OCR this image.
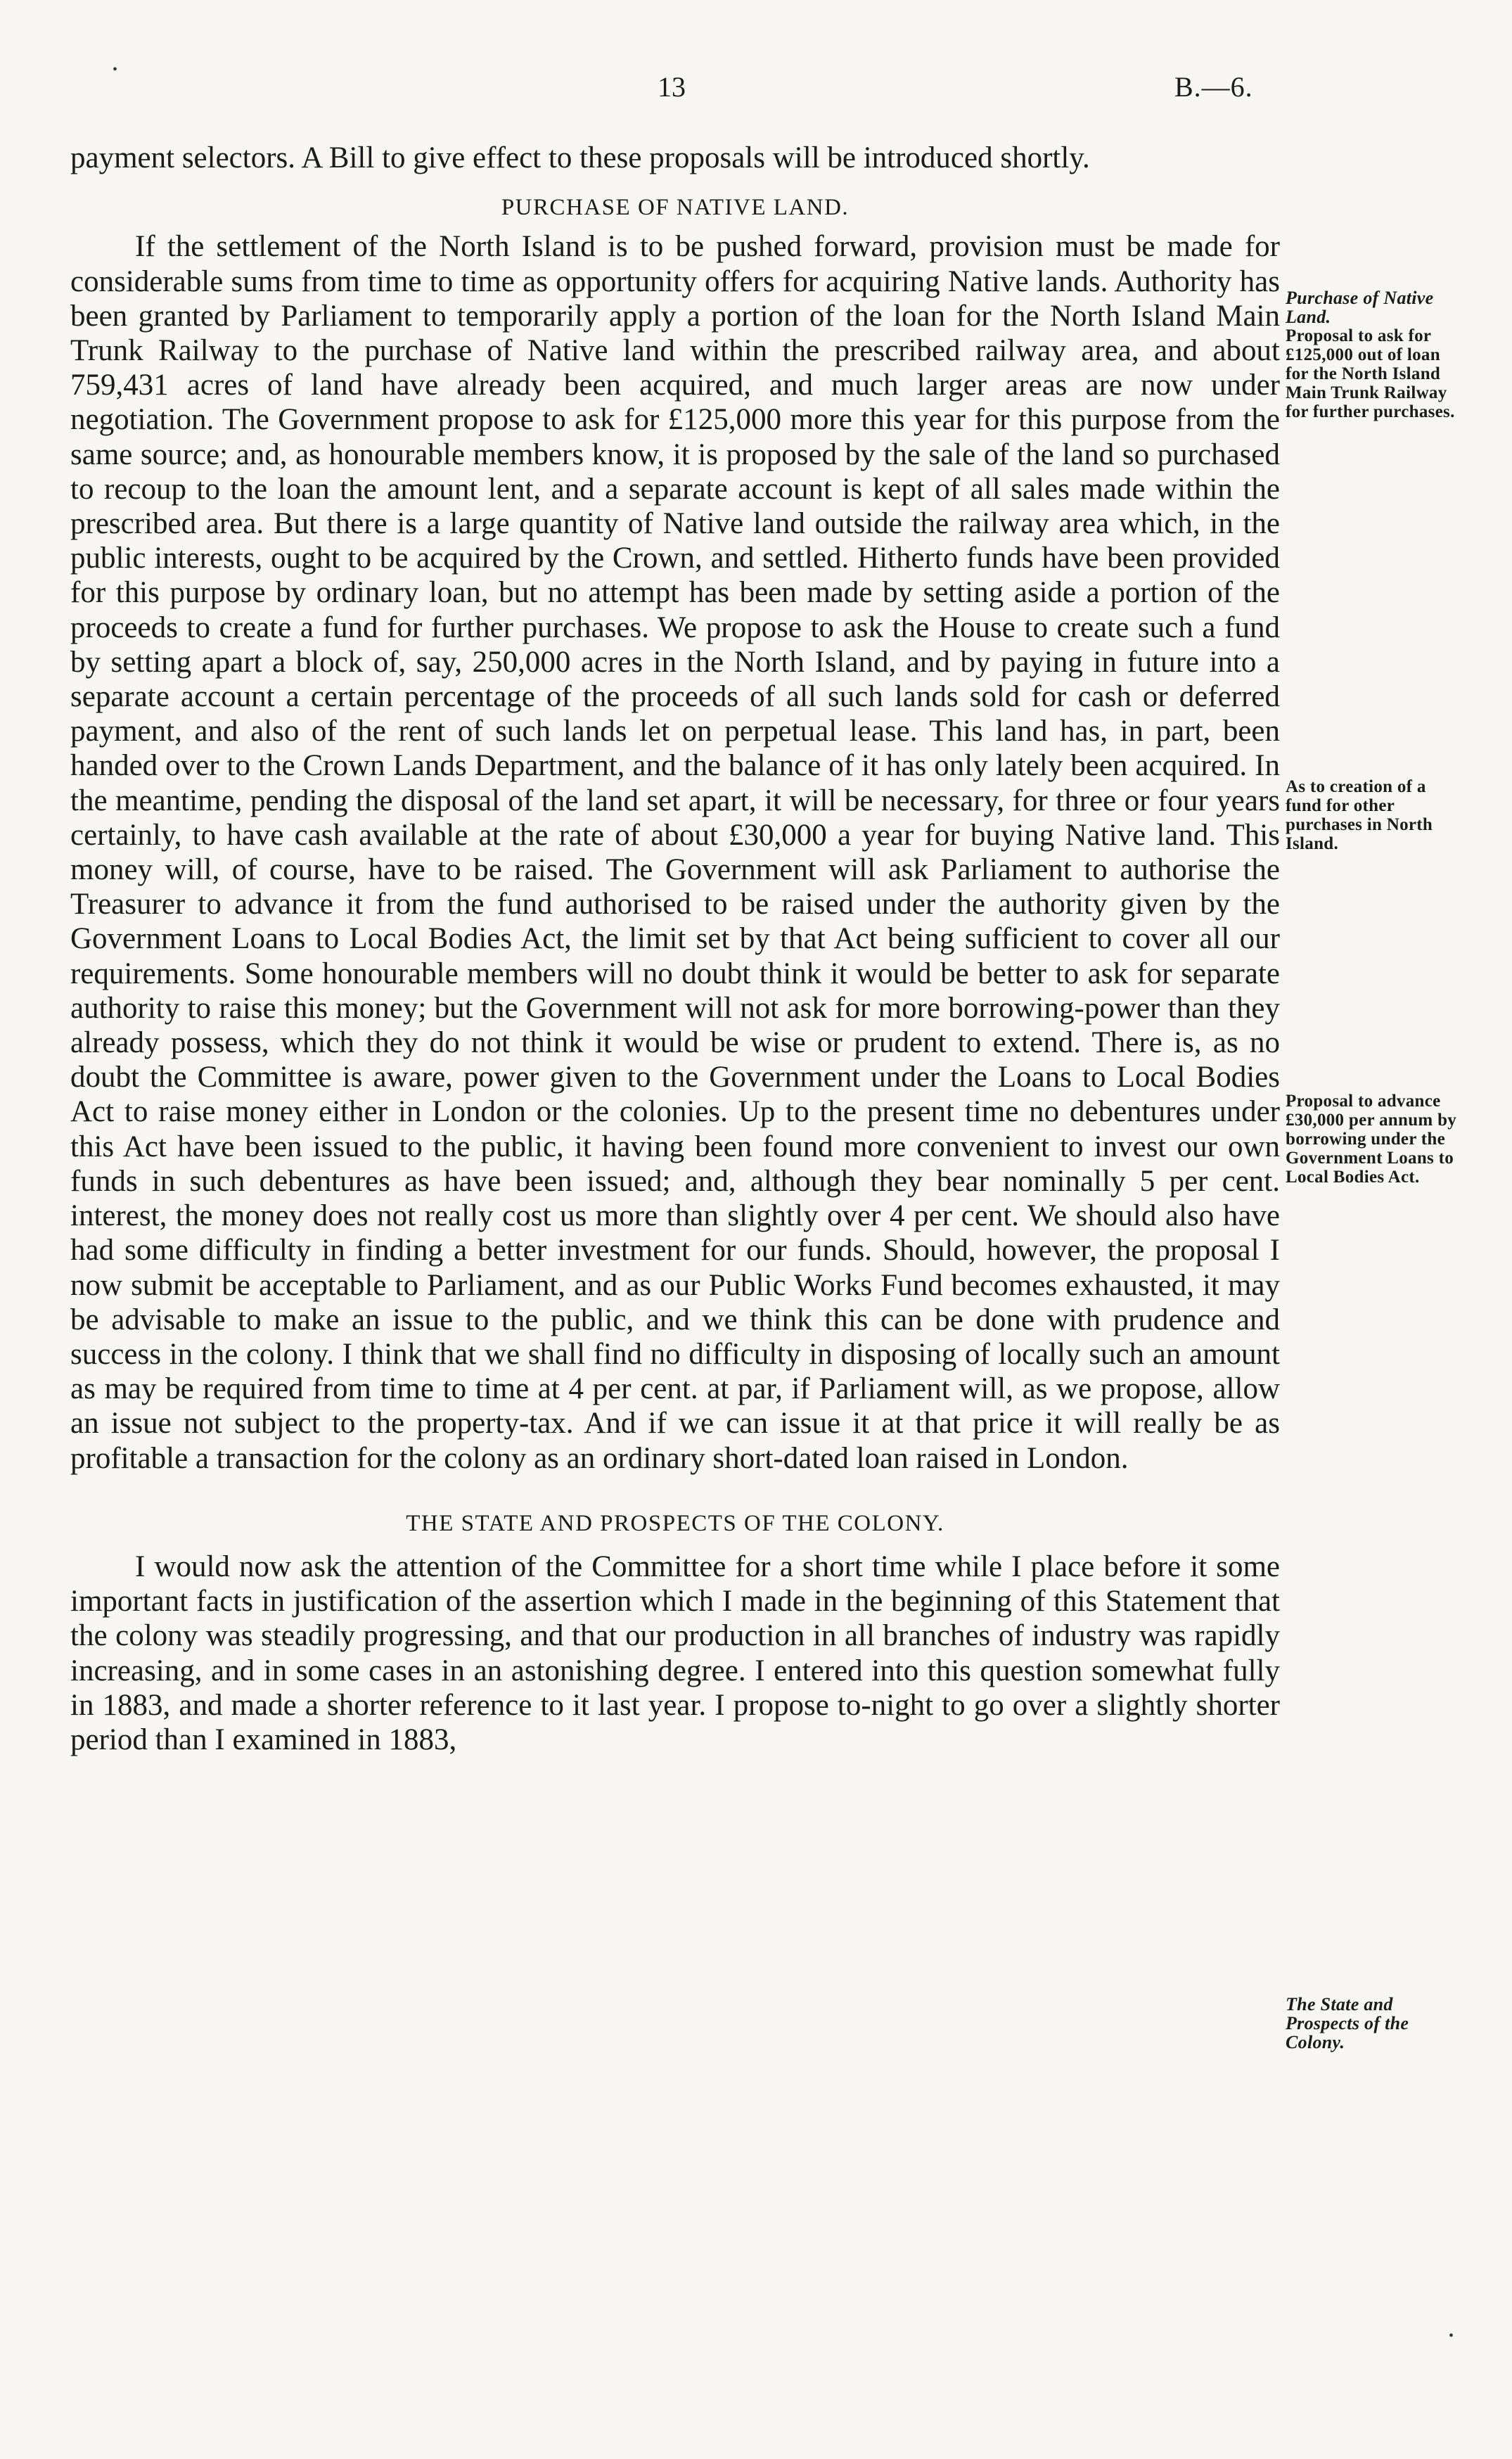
13	B.—6.

payment selectors. A Bill to give effect to these proposals will be introduced shortly.

PURCHASE OF NATIVE LAND.

If the settlement of the North Island is to be pushed forward, provision must be made for considerable sums from time to time as opportunity offers for acquiring Native lands. Authority has been granted by Parliament to temporarily apply a portion of the loan for the North Island Main Trunk Railway to the purchase of Native land within the prescribed railway area, and about 759,431 acres of land have already been acquired, and much larger areas are now under negotiation. The Government propose to ask for £125,000 more this year for this purpose from the same source; and, as honourable members know, it is proposed by the sale of the land so purchased to recoup to the loan the amount lent, and a separate account is kept of all sales made within the prescribed area. But there is a large quantity of Native land outside the railway area which, in the public interests, ought to be acquired by the Crown, and settled. Hitherto funds have been provided for this purpose by ordinary loan, but no attempt has been made by setting aside a portion of the proceeds to create a fund for further purchases. We propose to ask the House to create such a fund by setting apart a block of, say, 250,000 acres in the North Island, and by paying in future into a separate account a certain percentage of the proceeds of all such lands sold for cash or deferred payment, and also of the rent of such lands let on perpetual lease. This land has, in part, been handed over to the Crown Lands Department, and the balance of it has only lately been acquired. In the meantime, pending the disposal of the land set apart, it will be necessary, for three or four years certainly, to have cash available at the rate of about £30,000 a year for buying Native land. This money will, of course, have to be raised. The Government will ask Parliament to authorise the Treasurer to advance it from the fund authorised to be raised under the authority given by the Government Loans to Local Bodies Act, the limit set by that Act being sufficient to cover all our requirements. Some honourable members will no doubt think it would be better to ask for separate authority to raise this money; but the Government will not ask for more borrowing-power than they already possess, which they do not think it would be wise or prudent to extend. There is, as no doubt the Committee is aware, power given to the Government under the Loans to Local Bodies Act to raise money either in London or the colonies. Up to the present time no debentures under this Act have been issued to the public, it having been found more convenient to invest our own funds in such debentures as have been issued; and, although they bear nominally 5 per cent. interest, the money does not really cost us more than slightly over 4 per cent. We should also have had some difficulty in finding a better investment for our funds. Should, however, the proposal I now submit be acceptable to Parliament, and as our Public Works Fund becomes exhausted, it may be advisable to make an issue to the public, and we think this can be done with prudence and success in the colony. I think that we shall find no difficulty in disposing of locally such an amount as may be required from time to time at 4 per cent. at par, if Parliament will, as we propose, allow an issue not subject to the property-tax. And if we can issue it at that price it will really be as profitable a transaction for the colony as an ordinary short-dated loan raised in London.

THE STATE AND PROSPECTS OF THE COLONY.

I would now ask the attention of the Committee for a short time while I place before it some important facts in justification of the assertion which I made in the beginning of this Statement that the colony was steadily progressing, and that our production in all branches of industry was rapidly increasing, and in some cases in an astonishing degree. I entered into this question somewhat fully in 1883, and made a shorter reference to it last year. I propose to-night to go over a slightly shorter period than I examined in 1883,

Purchase of Native Land.
Proposal to ask for £125,000 out of loan for the North Island Main Trunk Railway for further purchases.
As to creation of a fund for other purchases in North Island.
Proposal to advance £30,000 per annum by borrowing under the Government Loans to Local Bodies Act.
The State and Prospects of the Colony.
•
•
